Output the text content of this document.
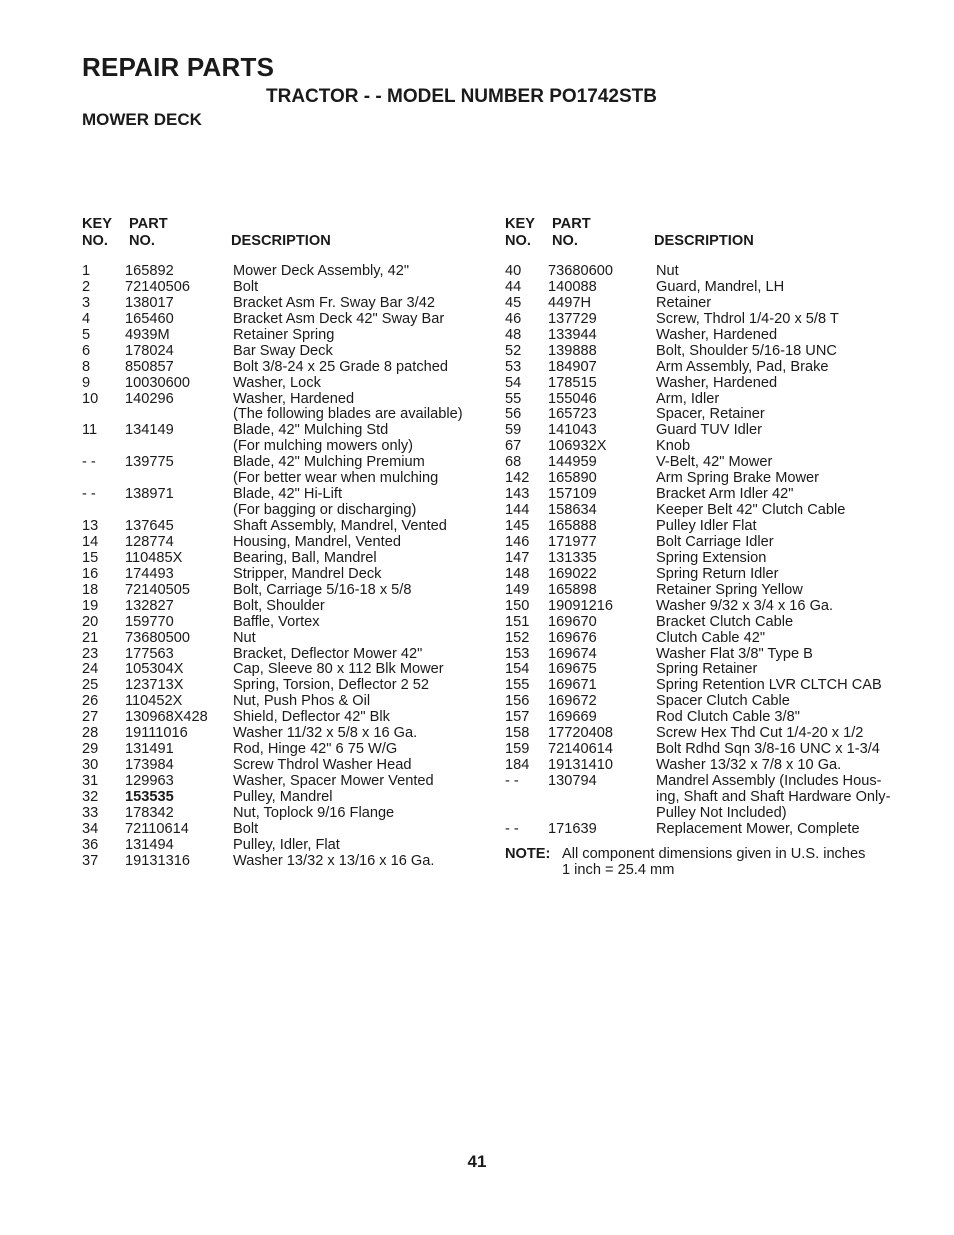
REPAIR PARTS
TRACTOR - - MODEL NUMBER PO1742STB
MOWER DECK
KEY
NO.
PART
NO.	DESCRIPTION
1 165892	Mower Deck Assembly, 42"
2 72140506	Bolt
3 138017	Bracket Asm Fr. Sway Bar 3/42
4 165460	Bracket Asm Deck 42" Sway Bar
5 4939M	Retainer Spring
6 178024	Bar Sway Deck
8 850857	Bolt 3/8-24 x 25 Grade 8 patched
9 10030600	Washer, Lock
10 140296	Washer, Hardened
(The following blades are available)
11 134149	Blade, 42" Mulching Std
(For mulching mowers only)
- - 139775	Blade, 42" Mulching Premium
(For better wear when mulching
- - 138971	Blade, 42" Hi-Lift
(For bagging or discharging)
13 137645	Shaft Assembly, Mandrel, Vented
14 128774	Housing, Mandrel, Vented
15 110485X	Bearing, Ball, Mandrel
16 174493	Stripper, Mandrel Deck
18 72140505	Bolt, Carriage 5/16-18 x 5/8
19 132827	Bolt, Shoulder
20 159770	Baffle, Vortex
21 73680500	Nut
23 177563	Bracket, Deflector Mower 42"
24 105304X	Cap, Sleeve 80 x 112 Blk Mower
25 123713X	Spring, Torsion, Deflector 2 52
26 110452X	Nut, Push Phos & Oil
27 130968X428 Shield, Deflector 42" Blk
28 19111016	Washer 11/32 x 5/8 x 16 Ga.
29 131491	Rod, Hinge 42" 6 75 W/G
30 173984	Screw Thdrol Washer Head
31 129963	Washer, Spacer Mower Vented
32 153535	Pulley, Mandrel
33 178342	Nut, Toplock 9/16 Flange
34 72110614	Bolt
36 131494	Pulley, Idler, Flat
37 19131316	Washer 13/32 x 13/16 x 16 Ga.
KEY
NO.
PART
NO.	DESCRIPTION
40 73680600	Nut
44 140088	Guard, Mandrel, LH
45 4497H	Retainer
46 137729	Screw, Thdrol 1/4-20 x 5/8 T
48 133944	Washer, Hardened
52 139888	Bolt, Shoulder 5/16-18 UNC
53 184907	Arm Assembly, Pad, Brake
54 178515	Washer, Hardened
55 155046	Arm, Idler
56 165723	Spacer, Retainer
59 141043	Guard TUV Idler
67 106932X	Knob
68 144959	V-Belt, 42" Mower
142 165890	Arm Spring Brake Mower
143 157109	Bracket Arm Idler 42"
144 158634	Keeper Belt 42" Clutch Cable
145 165888	Pulley Idler Flat
146 171977	Bolt Carriage Idler
147 131335	Spring Extension
148 169022	Spring Return Idler
149 165898	Retainer Spring Yellow
150 19091216	Washer 9/32 x 3/4 x 16 Ga.
151 169670	Bracket Clutch Cable
152 169676	Clutch Cable 42"
153 169674	Washer Flat 3/8" Type B
154 169675	Spring Retainer
155 169671	Spring Retention LVR CLTCH CAB
156 169672	Spacer Clutch Cable
157 169669	Rod Clutch Cable 3/8"
158 17720408	Screw Hex Thd Cut 1/4-20 x 1/2
159 72140614	Bolt Rdhd Sqn 3/8-16 UNC x 1-3/4
184 19131410	Washer 13/32 x 7/8 x 10 Ga.
- - 130794	Mandrel Assembly (Includes Hous-
ing, Shaft and Shaft Hardware Only-
Pulley Not Included)
- - 171639	Replacement Mower, Complete
NOTE: All component dimensions given in U.S. inches
1 inch = 25.4 mm
41
